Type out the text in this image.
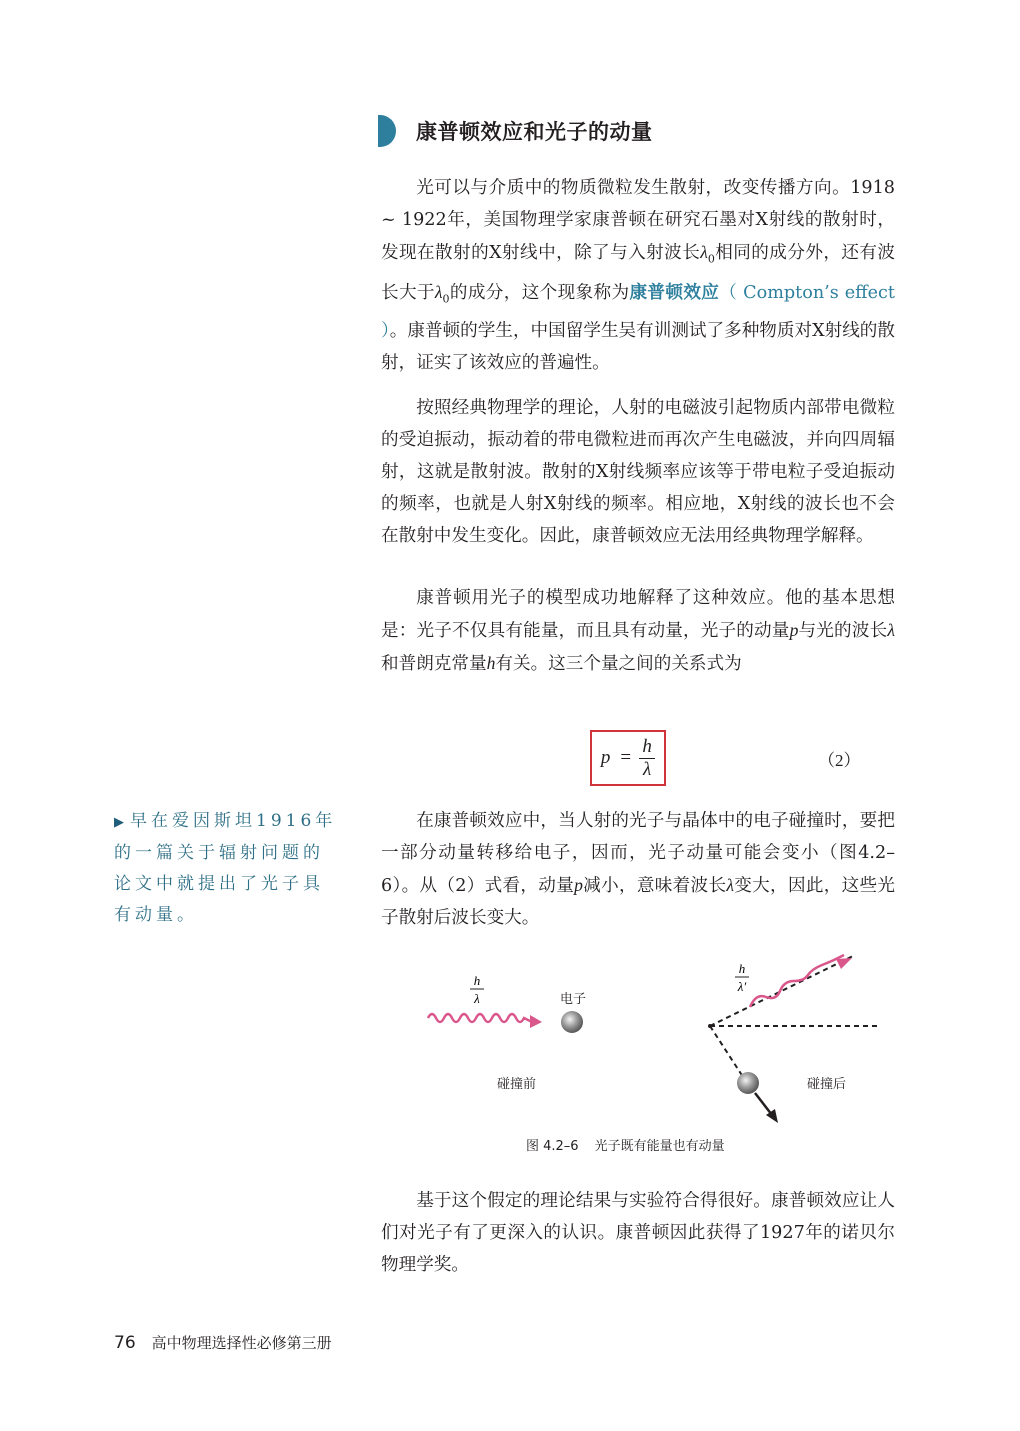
康普顿效应和光子的动量

光可以与介质中的物质微粒发生散射，改变传播方向。1918 ~ 1922年，美国物理学家康普顿在研究石墨对X射线的散射时，发现在散射的X射线中，除了与入射波长$\lambda_0$相同的成分外，还有波长大于$\lambda_0$的成分，这个现象称为康普顿效应（ Compton’s effect ）。康普顿的学生，中国留学生吴有训测试了多种物质对X射线的散射，证实了该效应的普遍性。

按照经典物理学的理论，人射的电磁波引起物质内部带电微粒的受迫振动，振动着的带电微粒进而再次产生电磁波，并向四周辐射，这就是散射波。散射的X射线频率应该等于带电粒子受迫振动的频率，也就是人射X射线的频率。相应地，X射线的波长也不会在散射中发生变化。因此，康普顿效应无法用经典物理学解释。

康普顿用光子的模型成功地解释了这种效应。他的基本思想是：光子不仅具有能量，而且具有动量，光子的动量p与光的波长λ和普朗克常量h有关。这三个量之间的关系式为

$p = \frac{h}{\lambda}$	（2）
▶ 早在爱因斯坦1916年的一篇关于辐射问题的论文中就提出了光子具有动量。

在康普顿效应中，当人射的光子与晶体中的电子碰撞时，要把一部分动量转移给电子，因而，光子动量可能会变小（图4.2–6）。从（2）式看，动量p减小，意味着波长λ变大，因此，这些光子散射后波长变大。

h
λ
h
λ′
电子
碰撞前	碰撞后
图 4.2–6 光子既有能量也有动量

基于这个假定的理论结果与实验符合得很好。康普顿效应让人们对光子有了更深入的认识。康普顿因此获得了1927年的诺贝尔物理学奖。

76 高中物理选择性必修第三册
